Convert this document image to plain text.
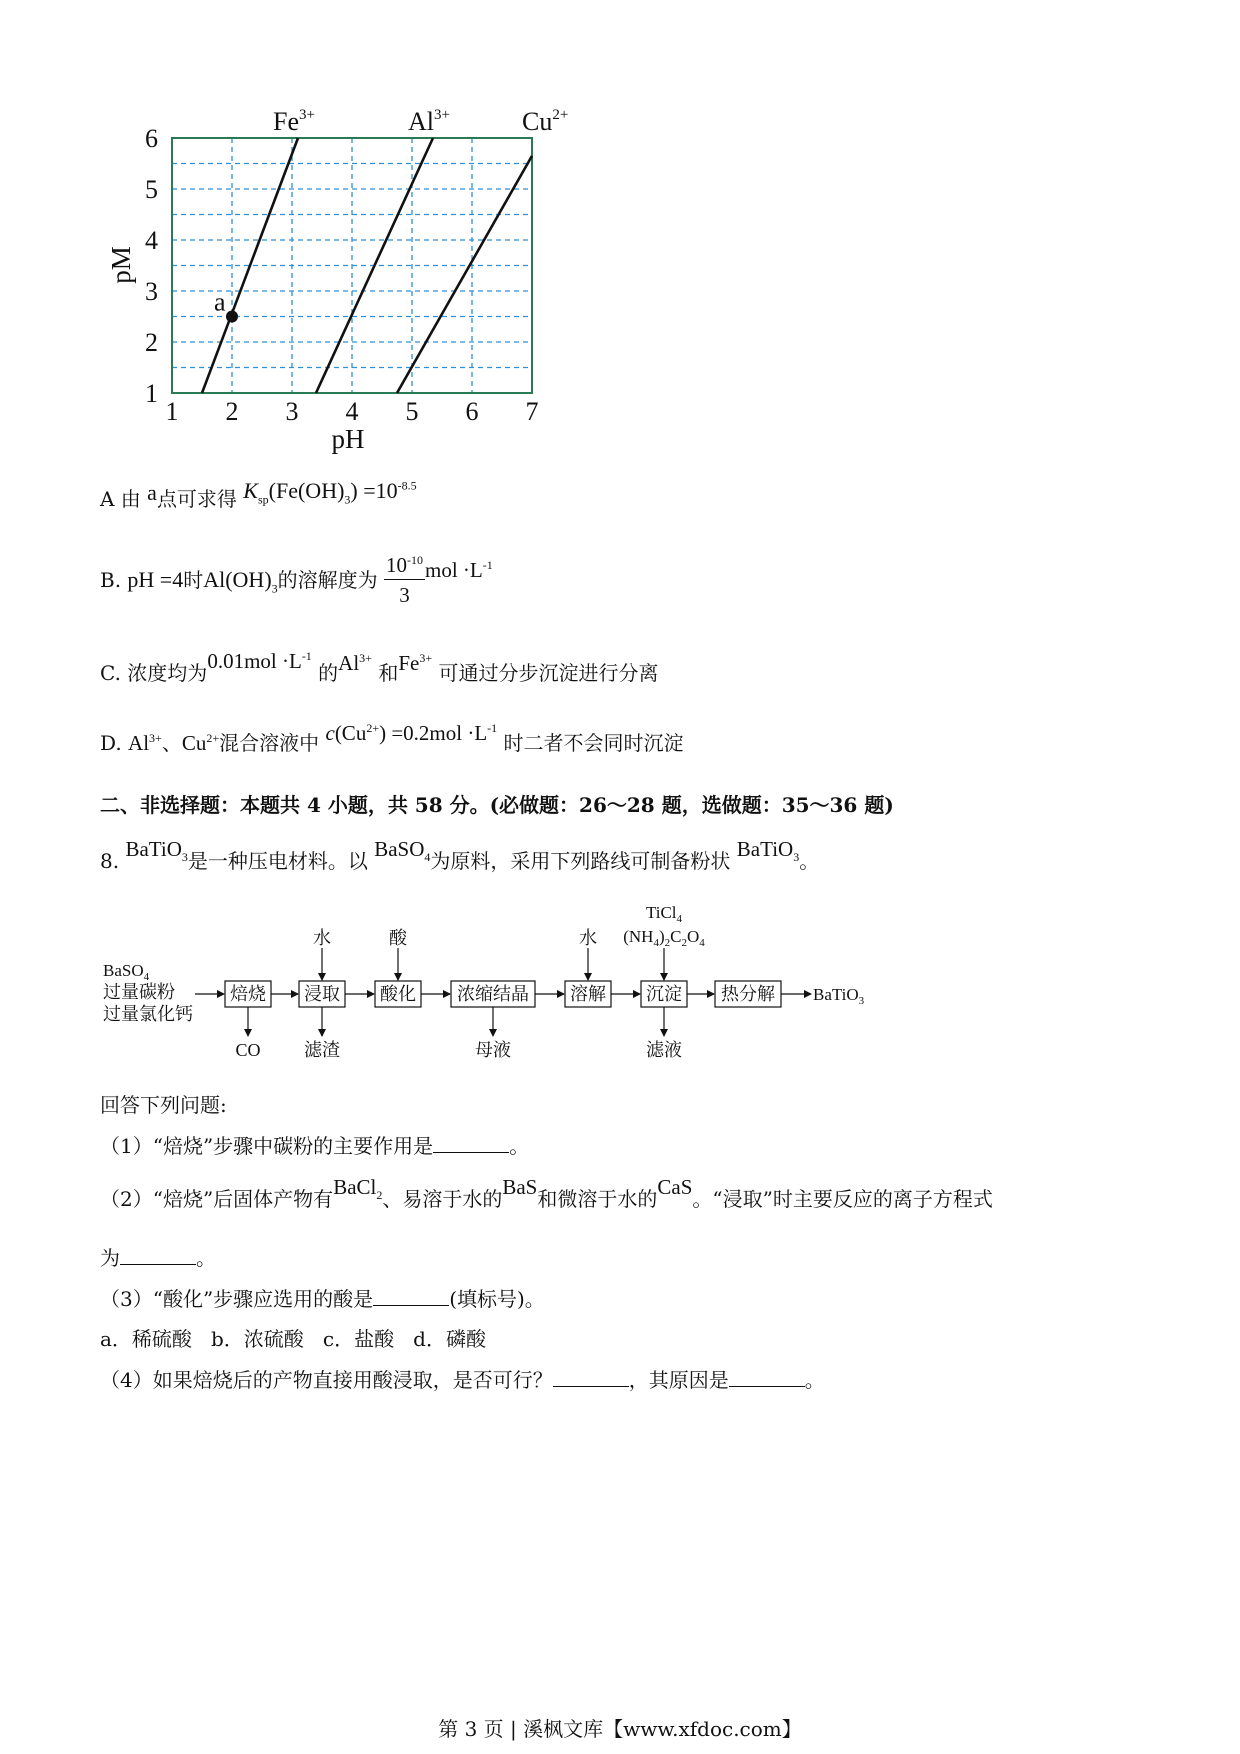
1 2 3 4 5 6 7
1
2
3
4
5
6
$Fe^{3+}$	$Al^{3+}$	$Cu^{2+}$
a
pH
pM
A 由 a点可求得 $K_{sp}(Fe(OH)_3) =10^{-8.5}$
B. pH =4时$Al(OH)_3$的溶解度为 $\frac{10^{-10}}{3}$ mol $\cdot L^{-1}$
C. 浓度均为$0.01mol \cdot L^{-1}$ 的$Al^{3+}$ 和$Fe^{3+}$ 可通过分步沉淀进行分离
D. $Al^{3+}$、$Cu^{2+}$混合溶液中 $c(Cu^{2+}) =0.2mol \cdot L^{-1}$ 时二者不会同时沉淀
二、非选择题：本题共 4 小题，共 58 分。(必做题：26～28 题，选做题：35～36 题)
8. BaTiO$_3$是一种压电材料。以 BaSO$_4$为原料，采用下列路线可制备粉状 BaTiO$_3$。
BaSO$_4$
过量碳粉
过量氯化钙
焙烧 浸取 酸化 浓缩结晶 溶解 沉淀 热分解 BaTiO$_3$
水	酸	水
TiCl$_4$
$(NH_4)_2C_2O_4$
CO 滤渣	母液	滤液
回答下列问题:
（1）“焙烧”步骤中碳粉的主要作用是	。
（2）“焙烧”后固体产物有BaCl$_2$、易溶于水的BaS和微溶于水的CaS。“浸取”时主要反应的离子方程式
为	。
（3）“酸化”步骤应选用的酸是	(填标号)。
a．稀硫酸   b．浓硫酸   c．盐酸   d．磷酸
（4）如果焙烧后的产物直接用酸浸取，是否可行？	，其原因是	。
第 3 页 | 溪枫文库【www.xfdoc.com】
